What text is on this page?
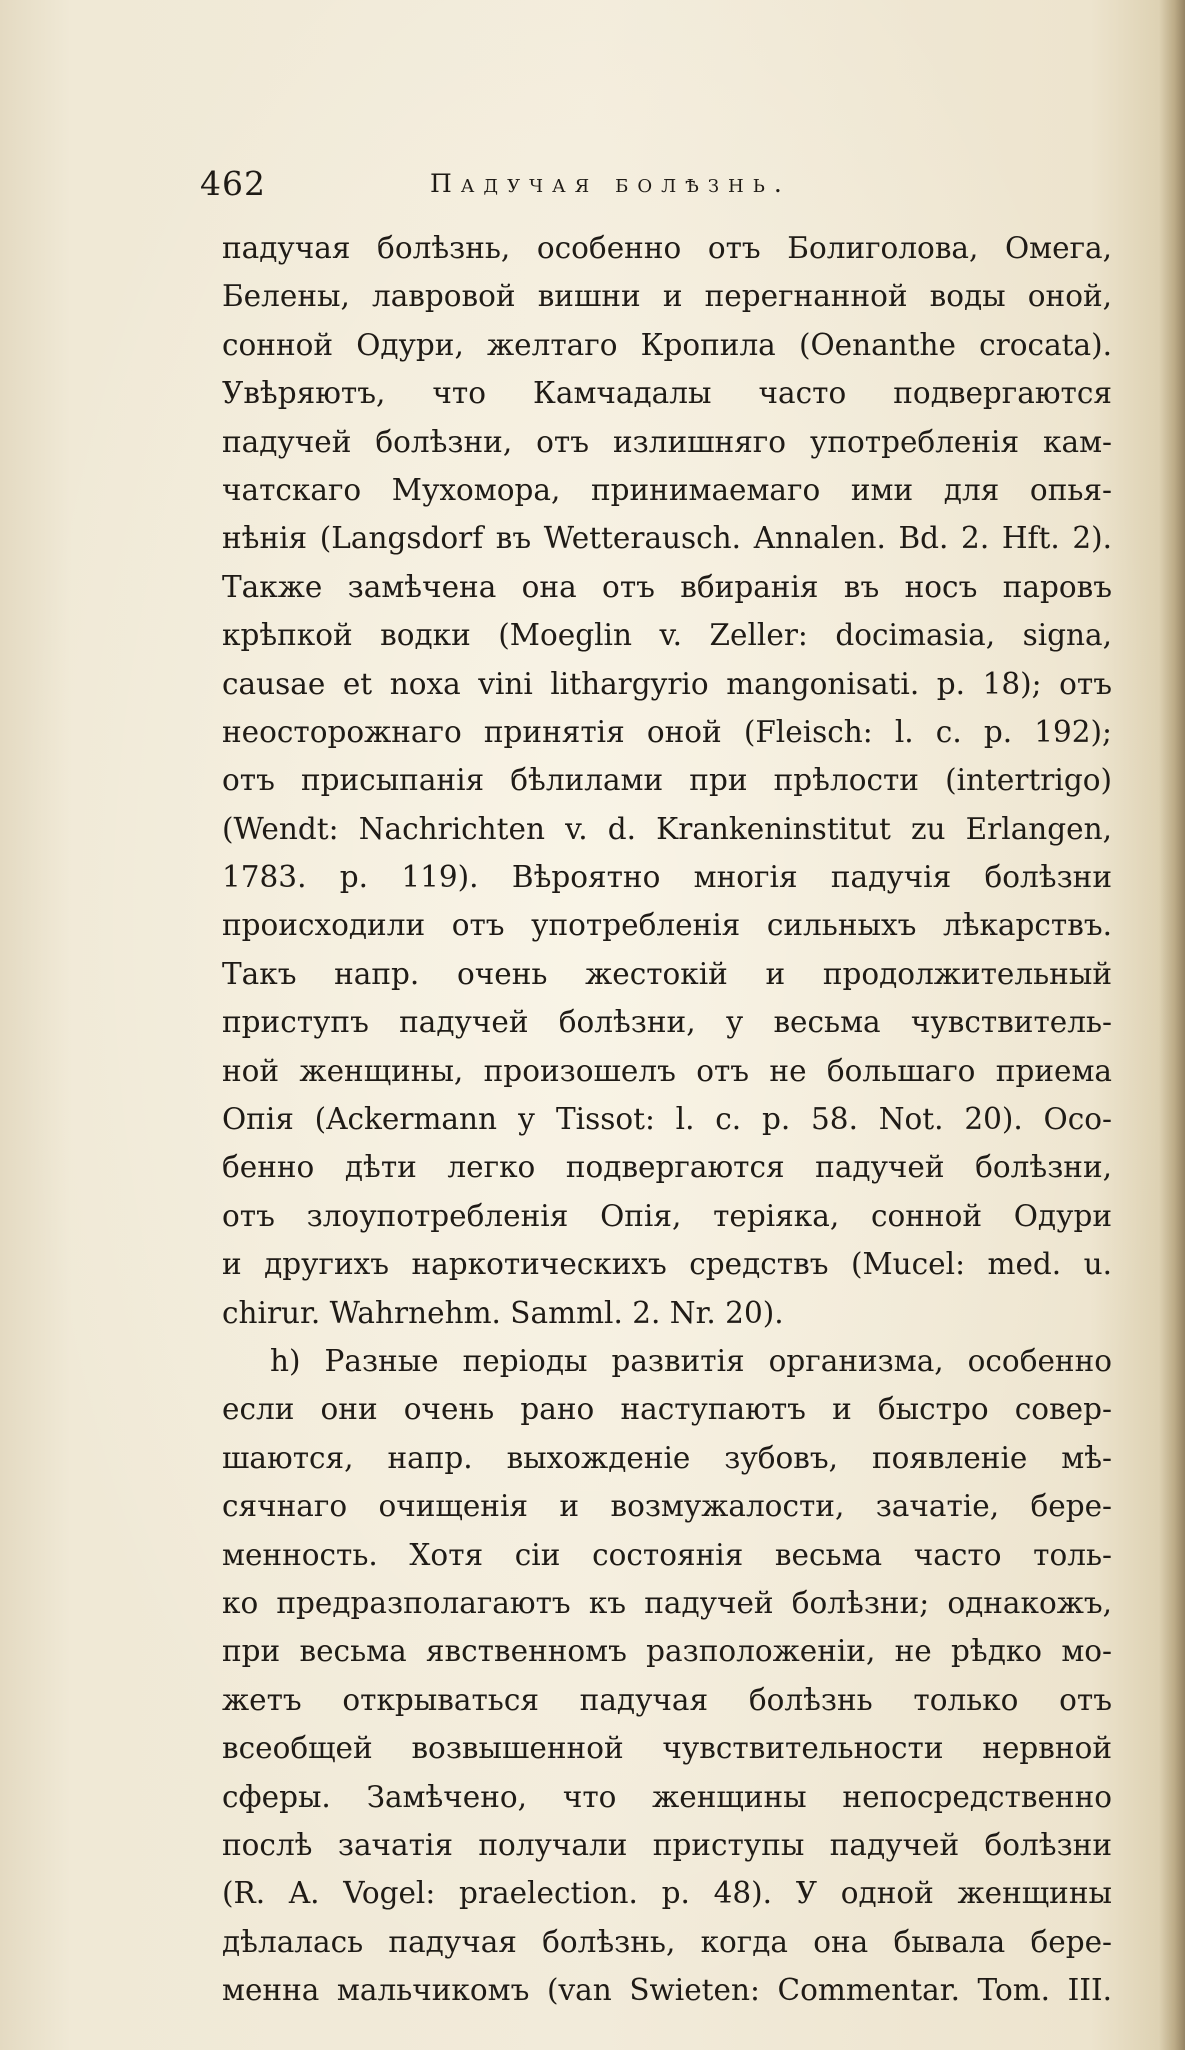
462	Падучая болѣзнь.
падучая болѣзнь, особенно отъ Болиголова, Омега,
Белены, лавровой вишни и перегнанной воды оной,
сонной Одури, желтаго Кропила (Oenanthe crocata).
Увѣряютъ, что Камчадалы часто подвергаются
падучей болѣзни, отъ излишняго употребленія кам-
чатскаго Мухомора, принимаемаго ими для опья-
нѣнія (Langsdorf въ Wetterausch. Annalen. Bd. 2. Hft. 2).
Также замѣчена она отъ вбиранія въ носъ паровъ
крѣпкой водки (Moeglin v. Zeller: docimasia, signa,
causae et noxa vini lithargyrio mangonisati. p. 18); отъ
неосторожнаго принятія оной (Fleisch: l. c. p. 192);
отъ присыпанія бѣлилами при прѣлости (intertrigo)
(Wendt: Nachrichten v. d. Krankeninstitut zu Erlangen,
1783. p. 119). Вѣроятно многія падучія болѣзни
происходили отъ употребленія сильныхъ лѣкарствъ.
Такъ напр. очень жестокій и продолжительный
приступъ падучей болѣзни, у весьма чувствитель-
ной женщины, произошелъ отъ не большаго приема
Опія (Ackermann у Tissot: l. c. p. 58. Not. 20). Осо-
бенно дѣти легко подвергаются падучей болѣзни,
отъ злоупотребленія Опія, теріяка, сонной Одури
и другихъ наркотическихъ средствъ (Mucel: med. u.
chirur. Wahrnehm. Samml. 2. Nr. 20).
h) Разные періоды развитія организма, особенно
если они очень рано наступаютъ и быстро совер-
шаются, напр. выхожденіе зубовъ, появленіе мѣ-
сячнаго очищенія и возмужалости, зачатіе, бере-
менность. Хотя сіи состоянія весьма часто толь-
ко предразполагаютъ къ падучей болѣзни; однакожъ,
при весьма явственномъ разположеніи, не рѣдко мо-
жетъ открываться падучая болѣзнь только отъ
всеобщей возвышенной чувствительности нервной
сферы. Замѣчено, что женщины непосредственно
послѣ зачатія получали приступы падучей болѣзни
(R. A. Vogel: praelection. p. 48). У одной женщины
дѣлалась падучая болѣзнь, когда она бывала бере-
менна мальчикомъ (van Swieten: Commentar. Tom. III.
